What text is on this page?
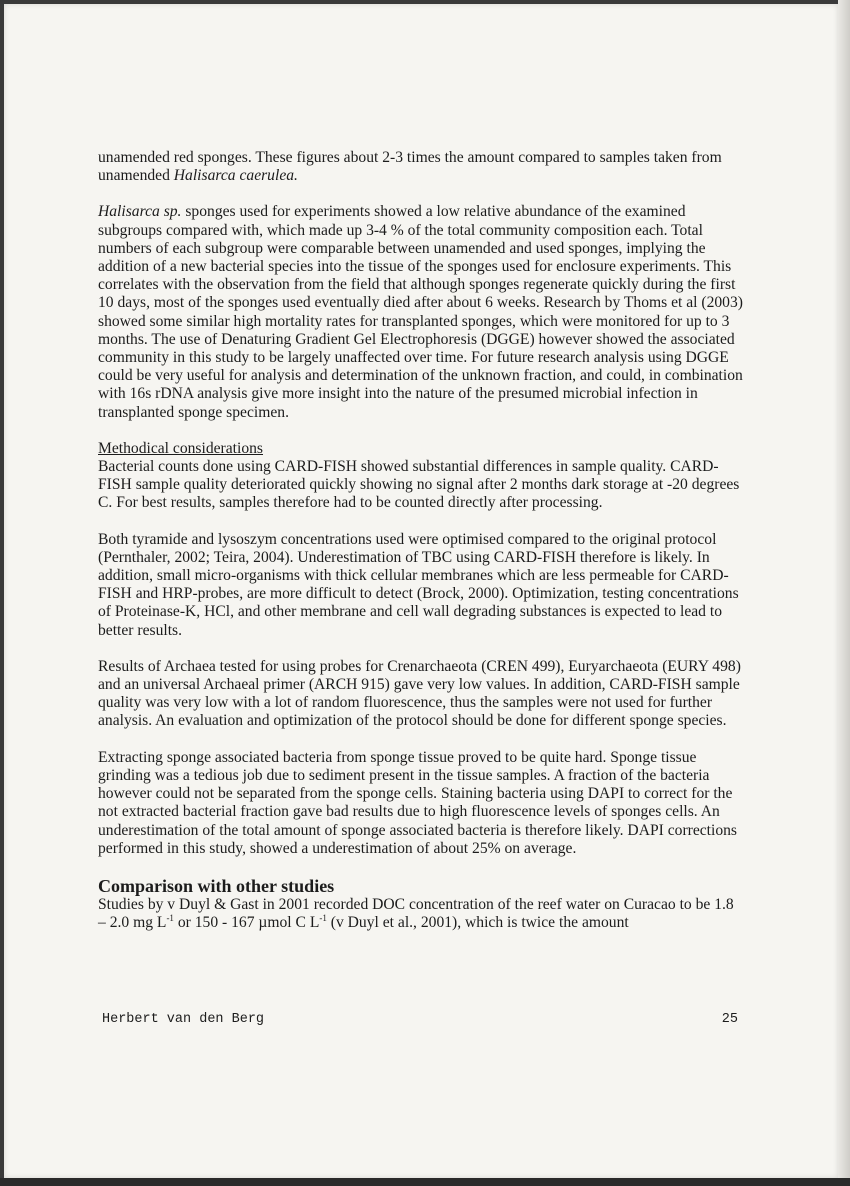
unamended red sponges. These figures about 2-3 times the amount compared to samples taken from unamended Halisarca caerulea.

Halisarca sp. sponges used for experiments showed a low relative abundance of the examined subgroups compared with, which made up 3-4 % of the total community composition each. Total numbers of each subgroup were comparable between unamended and used sponges, implying the addition of a new bacterial species into the tissue of the sponges used for enclosure experiments. This correlates with the observation from the field that although sponges regenerate quickly during the first 10 days, most of the sponges used eventually died after about 6 weeks. Research by Thoms et al (2003) showed some similar high mortality rates for transplanted sponges, which were monitored for up to 3 months. The use of Denaturing Gradient Gel Electrophoresis (DGGE) however showed the associated community in this study to be largely unaffected over time. For future research analysis using DGGE could be very useful for analysis and determination of the unknown fraction, and could, in combination with 16s rDNA analysis give more insight into the nature of the presumed microbial infection in transplanted sponge specimen.

Methodical considerations

Bacterial counts done using CARD-FISH showed substantial differences in sample quality. CARD-FISH sample quality deteriorated quickly showing no signal after 2 months dark storage at -20 degrees C. For best results, samples therefore had to be counted directly after processing.

Both tyramide and lysoszym concentrations used were optimised compared to the original protocol (Pernthaler, 2002; Teira, 2004). Underestimation of TBC using CARD-FISH therefore is likely. In addition, small micro-organisms with thick cellular membranes which are less permeable for CARD-FISH and HRP-probes, are more difficult to detect (Brock, 2000). Optimization, testing concentrations of Proteinase-K, HCl, and other membrane and cell wall degrading substances is expected to lead to better results.

Results of Archaea tested for using probes for Crenarchaeota (CREN 499), Euryarchaeota (EURY 498) and an universal Archaeal primer (ARCH 915) gave very low values. In addition, CARD-FISH sample quality was very low with a lot of random fluorescence, thus the samples were not used for further analysis. An evaluation and optimization of the protocol should be done for different sponge species.

Extracting sponge associated bacteria from sponge tissue proved to be quite hard. Sponge tissue grinding was a tedious job due to sediment present in the tissue samples. A fraction of the bacteria however could not be separated from the sponge cells. Staining bacteria using DAPI to correct for the not extracted bacterial fraction gave bad results due to high fluorescence levels of sponges cells. An underestimation of the total amount of sponge associated bacteria is therefore likely. DAPI corrections performed in this study, showed a underestimation of about 25% on average.

Comparison with other studies

Studies by v Duyl & Gast in 2001 recorded DOC concentration of the reef water on Curacao to be 1.8 – 2.0 mg $L^{-1}$ or 150 - 167 µmol C $L^{-1}$ (v Duyl et al., 2001), which is twice the amount

Herbert van den Berg	25
